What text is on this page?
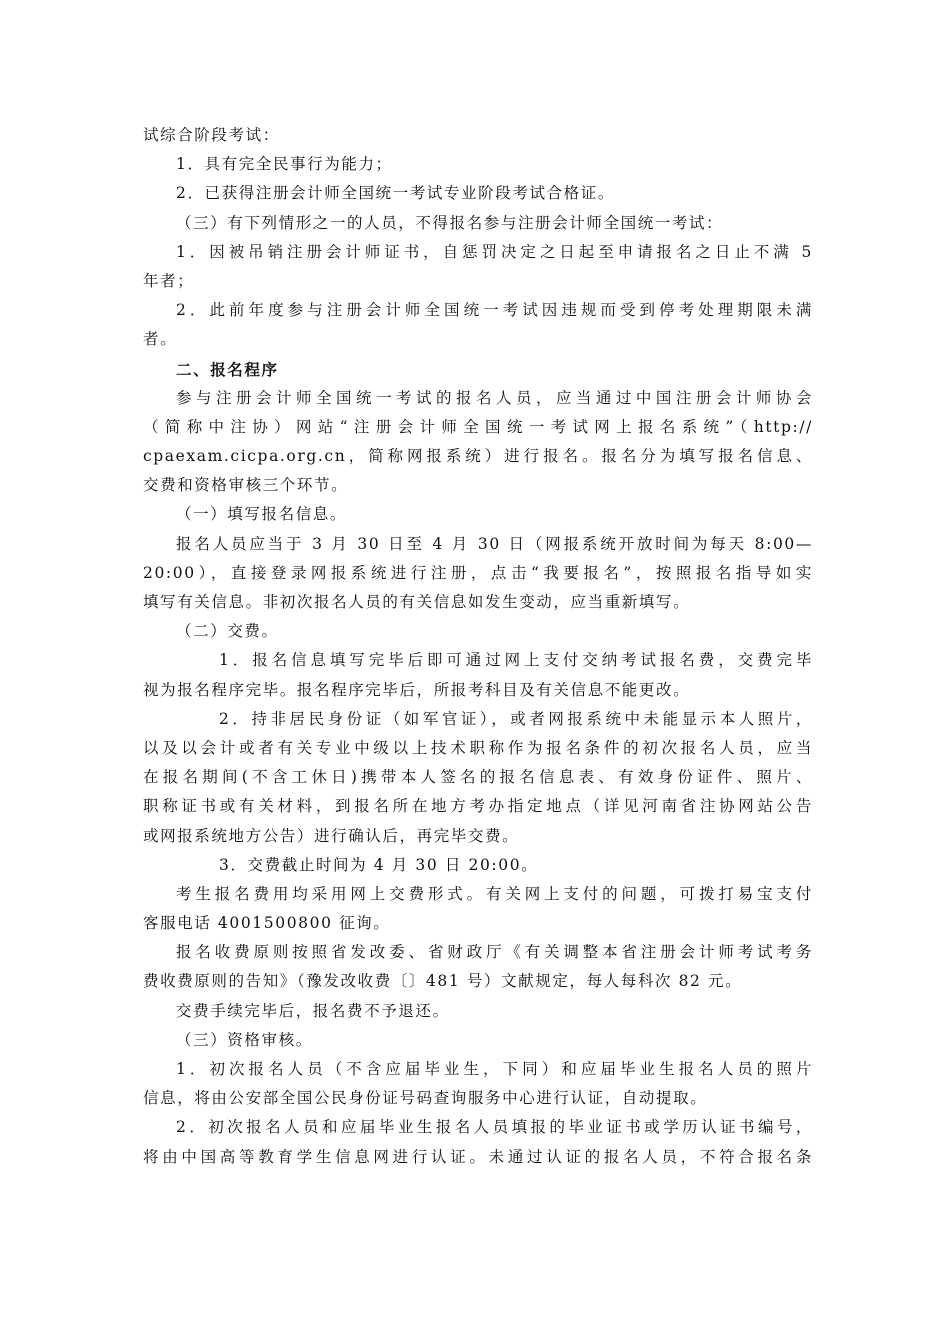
试综合阶段考试：
1．具有完全民事行为能力；
2．已获得注册会计师全国统一考试专业阶段考试合格证。
（三）有下列情形之一的人员，不得报名参与注册会计师全国统一考试：
1．因被吊销注册会计师证书，自惩罚决定之日起至申请报名之日止不满 5
年者；
2．此前年度参与注册会计师全国统一考试因违规而受到停考处理期限未满
者。
二、报名程序
参与注册会计师全国统一考试的报名人员，应当通过中国注册会计师协会
（简称中注协）网站“注册会计师全国统一考试网上报名系统”（http://
cpaexam.cicpa.org.cn，简称网报系统）进行报名。报名分为填写报名信息、
交费和资格审核三个环节。
（一）填写报名信息。
报名人员应当于 3 月 30 日至 4 月 30 日（网报系统开放时间为每天 8:00—
20:00），直接登录网报系统进行注册，点击“我要报名”，按照报名指导如实
填写有关信息。非初次报名人员的有关信息如发生变动，应当重新填写。
（二）交费。
1．报名信息填写完毕后即可通过网上支付交纳考试报名费，交费完毕
视为报名程序完毕。报名程序完毕后，所报考科目及有关信息不能更改。
2．持非居民身份证（如军官证），或者网报系统中未能显示本人照片，
以及以会计或者有关专业中级以上技术职称作为报名条件的初次报名人员，应当
在报名期间(不含工休日)携带本人签名的报名信息表、有效身份证件、照片、
职称证书或有关材料，到报名所在地方考办指定地点（详见河南省注协网站公告
或网报系统地方公告）进行确认后，再完毕交费。
3．交费截止时间为 4 月 30 日 20:00。
考生报名费用均采用网上交费形式。有关网上支付的问题，可拨打易宝支付
客服电话 4001500800 征询。
报名收费原则按照省发改委、省财政厅《有关调整本省注册会计师考试考务
费收费原则的告知》（豫发改收费〔〕481 号）文献规定，每人每科次 82 元。
交费手续完毕后，报名费不予退还。
（三）资格审核。
1．初次报名人员（不含应届毕业生，下同）和应届毕业生报名人员的照片
信息，将由公安部全国公民身份证号码查询服务中心进行认证，自动提取。
2．初次报名人员和应届毕业生报名人员填报的毕业证书或学历认证书编号，
将由中国高等教育学生信息网进行认证。未通过认证的报名人员，不符合报名条
